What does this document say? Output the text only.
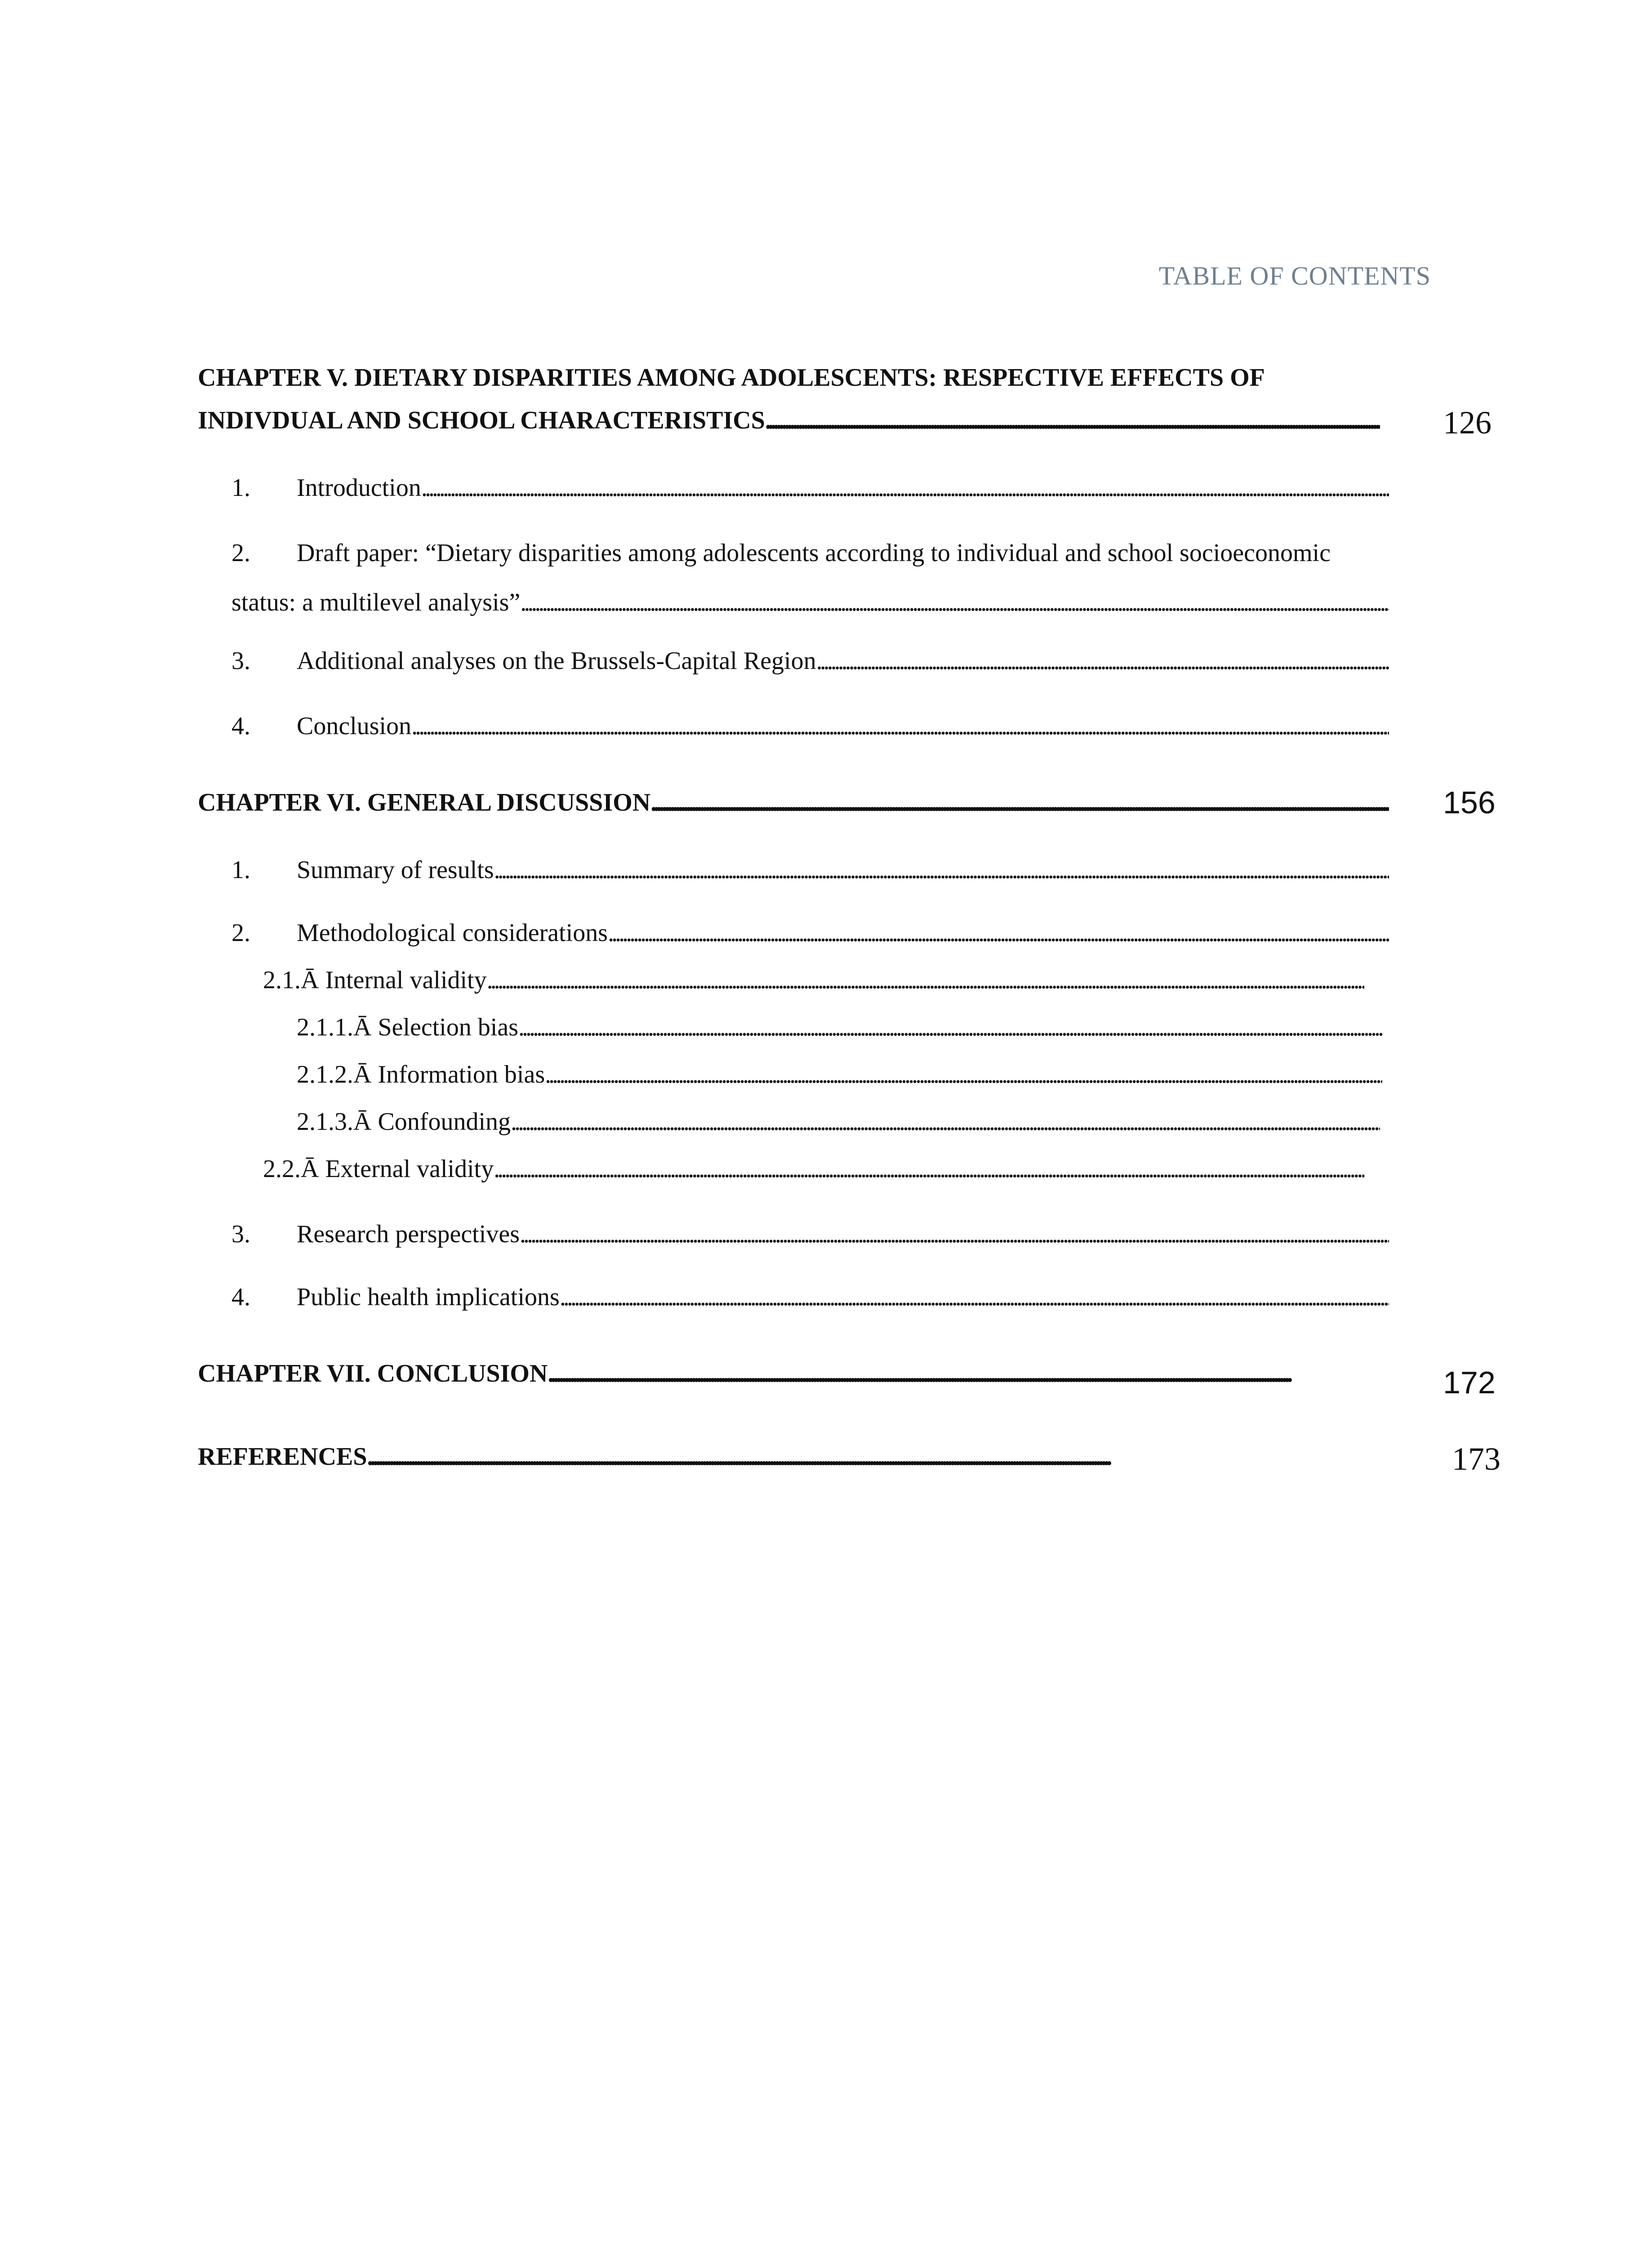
TABLE OF CONTENTS
CHAPTER V. DIETARY DISPARITIES AMONG ADOLESCENTS: RESPECTIVE EFFECTS OF
INDIVDUAL AND SCHOOL CHARACTERISTICS . . .	126
1.	Introduction
. . .
2. Draft paper: “Dietary disparities among adolescents according to individual and school socioeconomic
status: a multilevel analysis”
. . .
3.	Additional analyses on the Brussels-Capital Region
. . .
4.	Conclusion
. . .
CHAPTER VI. GENERAL DISCUSSION . . .	156
1.	Summary of results
. . .
2.	Methodological considerations
. . .
2.1.Ā Internal validity
. . .
2.1.1.Ā Selection bias
. . .
2.1.2.Ā Information bias
. . .
2.1.3.Ā Confounding
. . .
2.2.Ā External validity
. . .
3.	Research perspectives
. . .
4.	Public health implications
. . .
CHAPTER VII. CONCLUSION . . .	172
REFERENCES . . .	173
